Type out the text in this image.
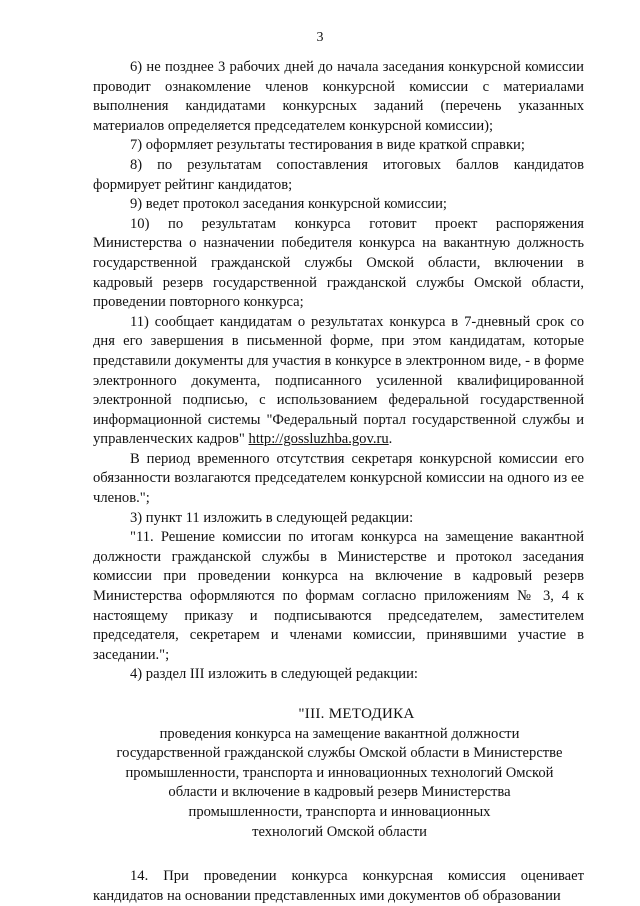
3

6) не позднее 3 рабочих дней до начала заседания конкурсной комиссии проводит ознакомление членов конкурсной комиссии с материалами выполнения кандидатами конкурсных заданий (перечень указанных материалов определяется председателем конкурсной комиссии);

7) оформляет результаты тестирования в виде краткой справки;

8) по результатам сопоставления итоговых баллов кандидатов формирует рейтинг кандидатов;

9) ведет протокол заседания конкурсной комиссии;

10) по результатам конкурса готовит проект распоряжения Министерства о назначении победителя конкурса на вакантную должность государственной гражданской службы Омской области, включении в кадровый резерв государственной гражданской службы Омской области, проведении повторного конкурса;

11) сообщает кандидатам о результатах конкурса в 7-дневный срок со дня его завершения в письменной форме, при этом кандидатам, которые представили документы для участия в конкурсе в электронном виде, - в форме электронного документа, подписанного усиленной квалифицированной электронной подписью, с использованием федеральной государственной информационной системы "Федеральный портал государственной службы и управленческих кадров" http://gossluzhba.gov.ru.

В период временного отсутствия секретаря конкурсной комиссии его обязанности возлагаются председателем конкурсной комиссии на одного из ее членов.";

3) пункт 11 изложить в следующей редакции:

"11. Решение комиссии по итогам конкурса на замещение вакантной должности гражданской службы в Министерстве и протокол заседания комиссии при проведении конкурса на включение в кадровый резерв Министерства оформляются по формам согласно приложениям № 3, 4 к настоящему приказу и подписываются председателем, заместителем председателя, секретарем и членами комиссии, принявшими участие в заседании.";

4) раздел III изложить в следующей редакции:

"III. МЕТОДИКА

проведения конкурса на замещение вакантной должности

государственной гражданской службы Омской области в Министерстве

промышленности, транспорта и инновационных технологий Омской

области и включение в кадровый резерв Министерства

промышленности, транспорта и инновационных

технологий Омской области

14. При проведении конкурса конкурсная комиссия оценивает кандидатов на основании представленных ими документов об образовании
